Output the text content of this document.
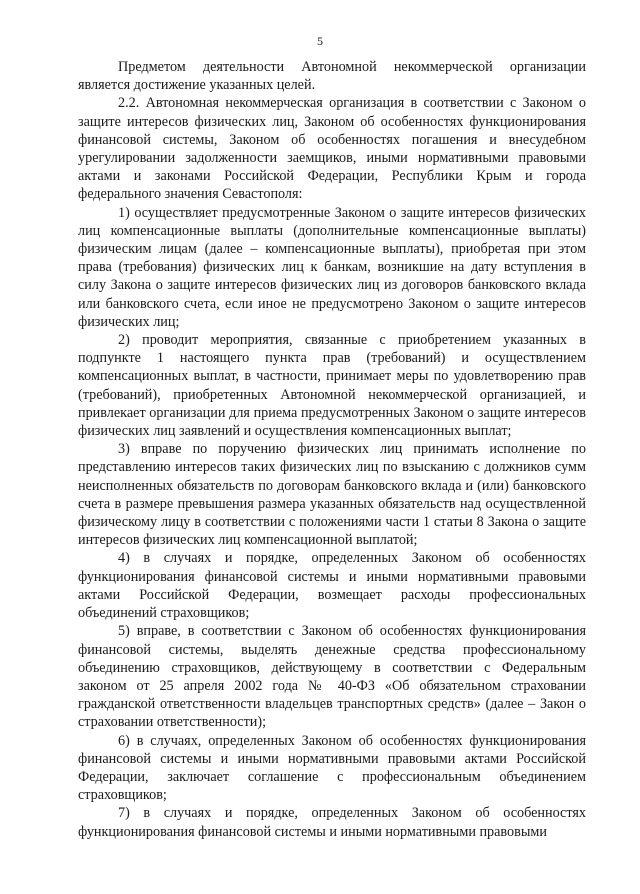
5

Предметом деятельности Автономной некоммерческой организации является достижение указанных целей.

2.2. Автономная некоммерческая организация в соответствии с Законом о защите интересов физических лиц, Законом об особенностях функционирования финансовой системы, Законом об особенностях погашения и внесудебном урегулировании задолженности заемщиков, иными нормативными правовыми актами и законами Российской Федерации, Республики Крым и города федерального значения Севастополя:

1) осуществляет предусмотренные Законом о защите интересов физических лиц компенсационные выплаты (дополнительные компенсационные выплаты) физическим лицам (далее – компенсационные выплаты), приобретая при этом права (требования) физических лиц к банкам, возникшие на дату вступления в силу Закона о защите интересов физических лиц из договоров банковского вклада или банковского счета, если иное не предусмотрено Законом о защите интересов физических лиц;

2) проводит мероприятия, связанные с приобретением указанных в подпункте 1 настоящего пункта прав (требований) и осуществлением компенсационных выплат, в частности, принимает меры по удовлетворению прав (требований), приобретенных Автономной некоммерческой организацией, и привлекает организации для приема предусмотренных Законом о защите интересов физических лиц заявлений и осуществления компенсационных выплат;

3) вправе по поручению физических лиц принимать исполнение по представлению интересов таких физических лиц по взысканию с должников сумм неисполненных обязательств по договорам банковского вклада и (или) банковского счета в размере превышения размера указанных обязательств над осуществленной физическому лицу в соответствии с положениями части 1 статьи 8 Закона о защите интересов физических лиц компенсационной выплатой;

4) в случаях и порядке, определенных Законом об особенностях функционирования финансовой системы и иными нормативными правовыми актами Российской Федерации, возмещает расходы профессиональных объединений страховщиков;

5) вправе, в соответствии с Законом об особенностях функционирования финансовой системы, выделять денежные средства профессиональному объединению страховщиков, действующему в соответствии с Федеральным законом от 25 апреля 2002 года № 40-ФЗ «Об обязательном страховании гражданской ответственности владельцев транспортных средств» (далее – Закон о страховании ответственности);

6) в случаях, определенных Законом об особенностях функционирования финансовой системы и иными нормативными правовыми актами Российской Федерации, заключает соглашение с профессиональным объединением страховщиков;

7) в случаях и порядке, определенных Законом об особенностях функционирования финансовой системы и иными нормативными правовыми
